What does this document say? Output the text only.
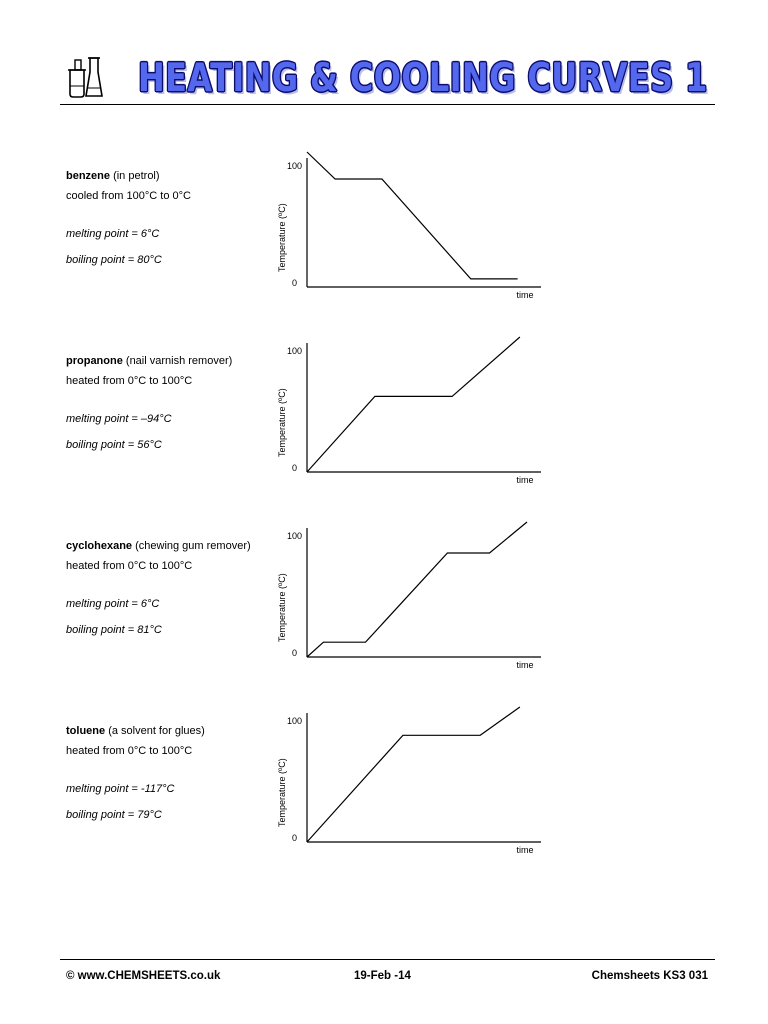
HEATING & COOLING CURVES 1
benzene (in petrol)
cooled from 100°C to 0°C
melting point = 6°C
boiling point = 80°C
100
0
Temperature (ºC)
time
propanone (nail varnish remover)
heated from 0°C to 100°C
melting point = –94°C
boiling point = 56°C
100
0
Temperature (ºC)
time
cyclohexane (chewing gum remover)
heated from 0°C to 100°C
melting point = 6°C
boiling point = 81°C
100
0
Temperature (ºC)
time
toluene (a solvent for glues)
heated from 0°C to 100°C
melting point = -117°C
boiling point = 79°C
100
0
Temperature (ºC)
time
© www.CHEMSHEETS.co.uk	19-Feb -14	Chemsheets KS3 031
